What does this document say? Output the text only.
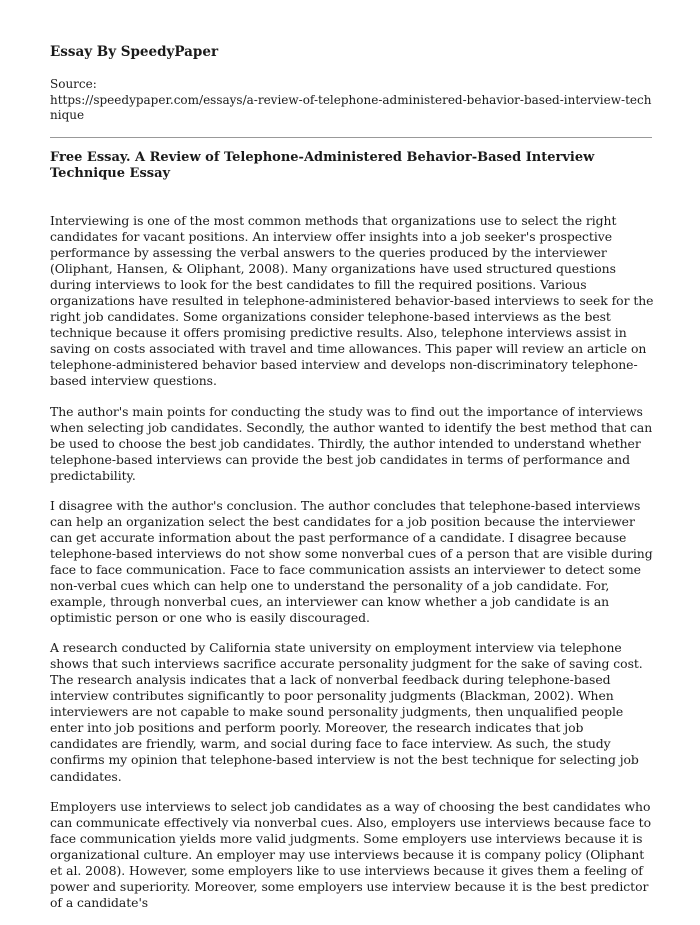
Essay By SpeedyPaper
Source:
https://speedypaper.com/essays/a-review-of-telephone-administered-behavior-based-interview-technique
Free Essay. A Review of Telephone-Administered Behavior-Based Interview Technique Essay

Interviewing is one of the most common methods that organizations use to select the right candidates for vacant positions. An interview offer insights into a job seeker's prospective performance by assessing the verbal answers to the queries produced by the interviewer (Oliphant, Hansen, & Oliphant, 2008). Many organizations have used structured questions during interviews to look for the best candidates to fill the required positions. Various organizations have resulted in telephone-administered behavior-based interviews to seek for the right job candidates. Some organizations consider telephone-based interviews as the best technique because it offers promising predictive results. Also, telephone interviews assist in saving on costs associated with travel and time allowances. This paper will review an article on telephone-administered behavior based interview and develops non-discriminatory telephone-based interview questions.

The author's main points for conducting the study was to find out the importance of interviews when selecting job candidates. Secondly, the author wanted to identify the best method that can be used to choose the best job candidates. Thirdly, the author intended to understand whether telephone-based interviews can provide the best job candidates in terms of performance and predictability.

I disagree with the author's conclusion. The author concludes that telephone-based interviews can help an organization select the best candidates for a job position because the interviewer can get accurate information about the past performance of a candidate. I disagree because telephone-based interviews do not show some nonverbal cues of a person that are visible during face to face communication. Face to face communication assists an interviewer to detect some non-verbal cues which can help one to understand the personality of a job candidate. For, example, through nonverbal cues, an interviewer can know whether a job candidate is an optimistic person or one who is easily discouraged.

A research conducted by California state university on employment interview via telephone shows that such interviews sacrifice accurate personality judgment for the sake of saving cost. The research analysis indicates that a lack of nonverbal feedback during telephone-based interview contributes significantly to poor personality judgments (Blackman, 2002). When interviewers are not capable to make sound personality judgments, then unqualified people enter into job positions and perform poorly. Moreover, the research indicates that job candidates are friendly, warm, and social during face to face interview. As such, the study confirms my opinion that telephone-based interview is not the best technique for selecting job candidates.

Employers use interviews to select job candidates as a way of choosing the best candidates who can communicate effectively via nonverbal cues. Also, employers use interviews because face to face communication yields more valid judgments. Some employers use interviews because it is organizational culture. An employer may use interviews because it is company policy (Oliphant et al. 2008). However, some employers like to use interviews because it gives them a feeling of power and superiority. Moreover, some employers use interview because it is the best predictor of a candidate's
